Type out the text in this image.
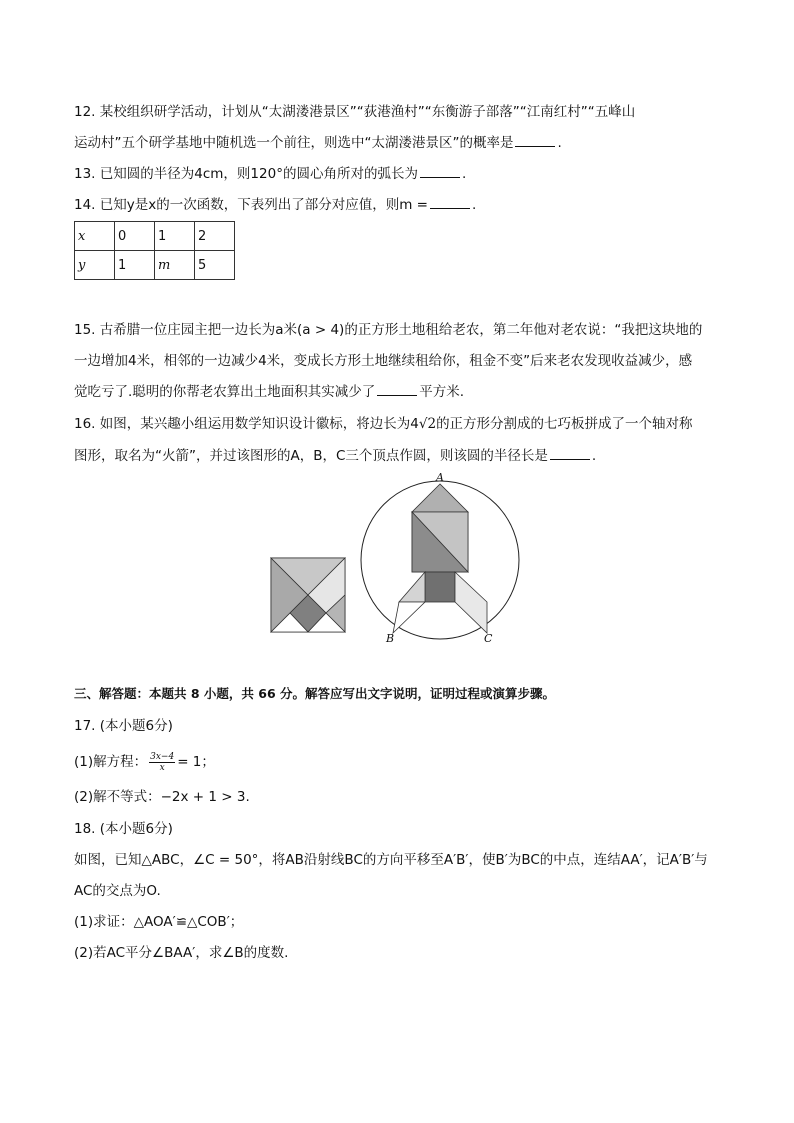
12. 某校组织研学活动，计划从“太湖溇港景区”“荻港渔村”“东衡游子部落”“江南红村”“五峰山
运动村”五个研学基地中随机选一个前往，则选中“太湖溇港景区”的概率是	.
13. 已知圆的半径为4cm，则120°的圆心角所对的弧长为	.
14. 已知y是x的一次函数，下表列出了部分对应值，则m =	.
x	0	1	2
y	1	m	5
15. 古希腊一位庄园主把一边长为a米(a > 4)的正方形土地租给老农，第二年他对老农说：“我把这块地的
一边增加4米，相邻的一边减少4米，变成长方形土地继续租给你，租金不变”后来老农发现收益减少，感
觉吃亏了.聪明的你帮老农算出土地面积其实减少了	平方米.
16. 如图，某兴趣小组运用数学知识设计徽标，将边长为4√2的正方形分割成的七巧板拼成了一个轴对称
图形，取名为“火箭”，并过该图形的A，B，C三个顶点作圆，则该圆的半径长是	.
A
B	C
三、解答题：本题共 8 小题，共 66 分。解答应写出文字说明，证明过程或演算步骤。
17. (本小题6分)
(1)解方程： $\frac{3x-4}{x} = 1$；
(2)解不等式：−2x + 1 > 3.
18. (本小题6分)
如图，已知△ABC，∠C = 50°，将AB沿射线BC的方向平移至A′B′，使B′为BC的中点，连结AA′，记A′B′与
AC的交点为O.
(1)求证：△AOA′≌△COB′；
(2)若AC平分∠BAA′，求∠B的度数.
